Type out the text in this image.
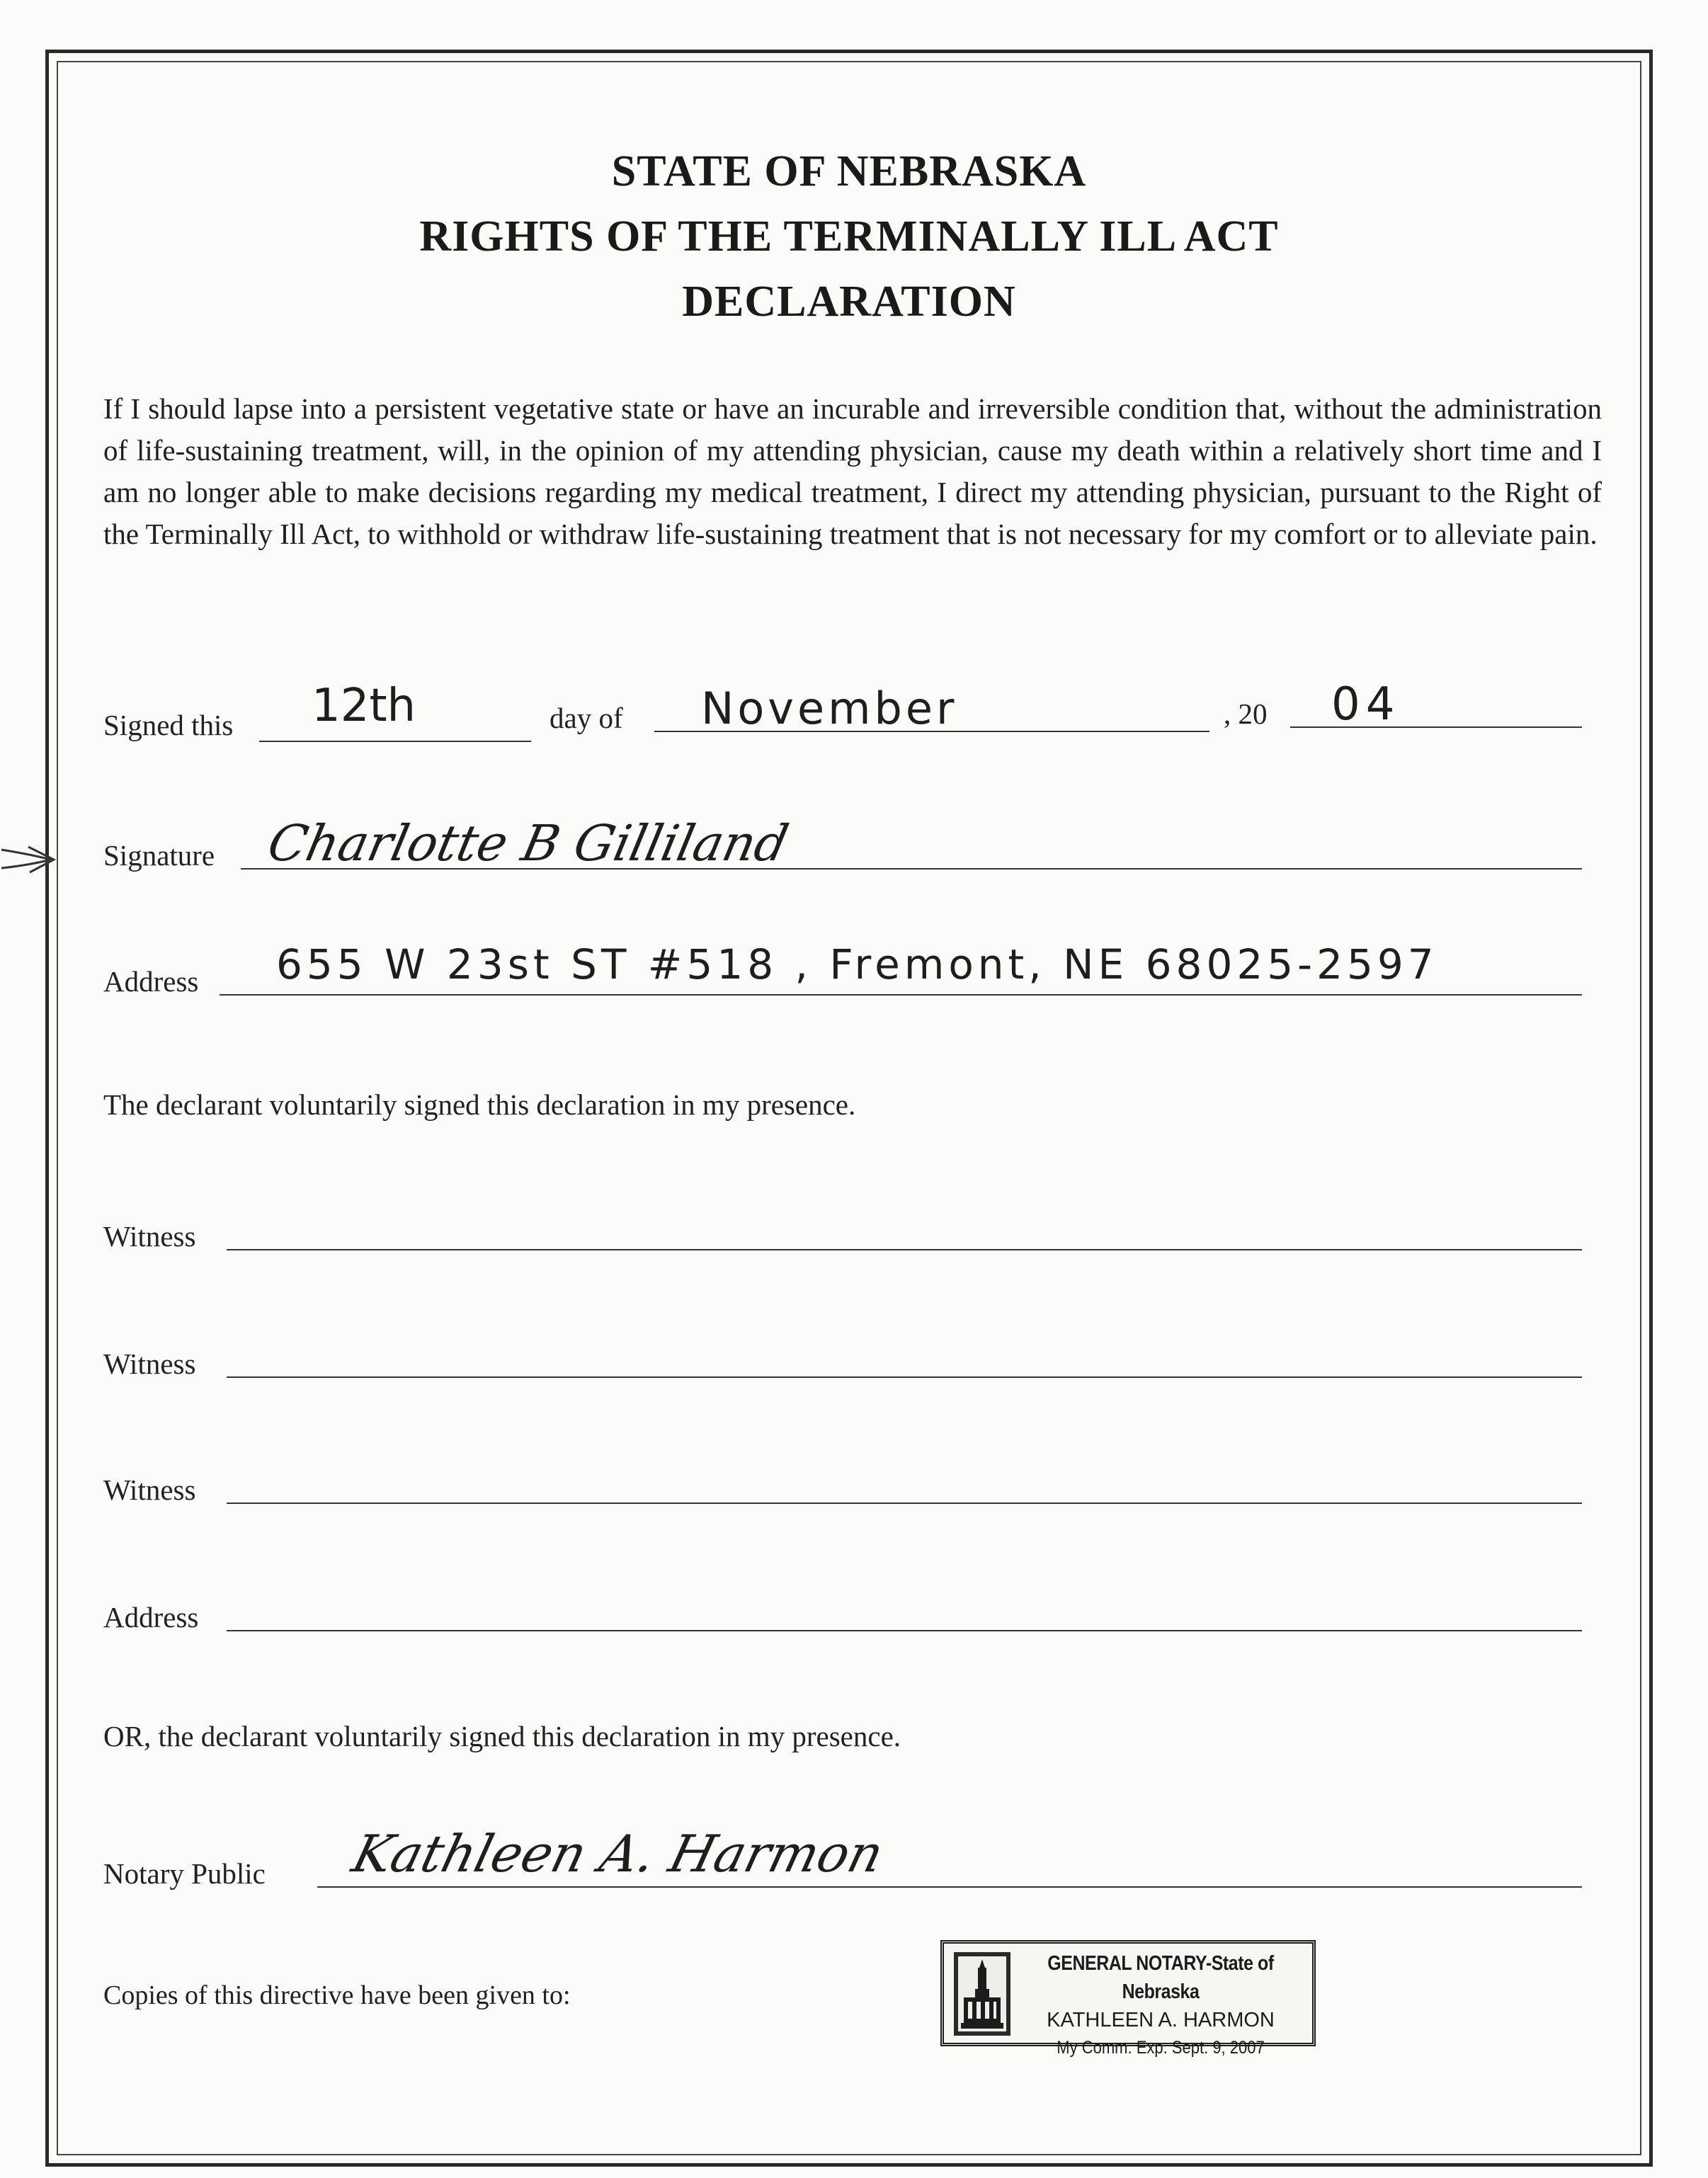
STATE OF NEBRASKA
RIGHTS OF THE TERMINALLY ILL ACT
DECLARATION
If I should lapse into a persistent vegetative state or have an incurable and irreversible condition that, without the administration of life-sustaining treatment, will, in the opinion of my attending physician, cause my death within a relatively short time and I am no longer able to make decisions regarding my medical treatment, I direct my attending physician, pursuant to the Right of the Terminally Ill Act, to withhold or withdraw life-sustaining treatment that is not necessary for my comfort or to alleviate pain.
Signed this 12th	day of November	, 20 04
Signature Charlotte B Gilliland
Address 655 W 23st ST #518 , Fremont, NE 68025-2597
The declarant voluntarily signed this declaration in my presence.
Witness
Witness
Witness
Address
OR, the declarant voluntarily signed this declaration in my presence.
Notary Public Kathleen A. Harmon
Copies of this directive have been given to:
GENERAL NOTARY-State of Nebraska
KATHLEEN A. HARMON
My Comm. Exp. Sept. 9, 2007
